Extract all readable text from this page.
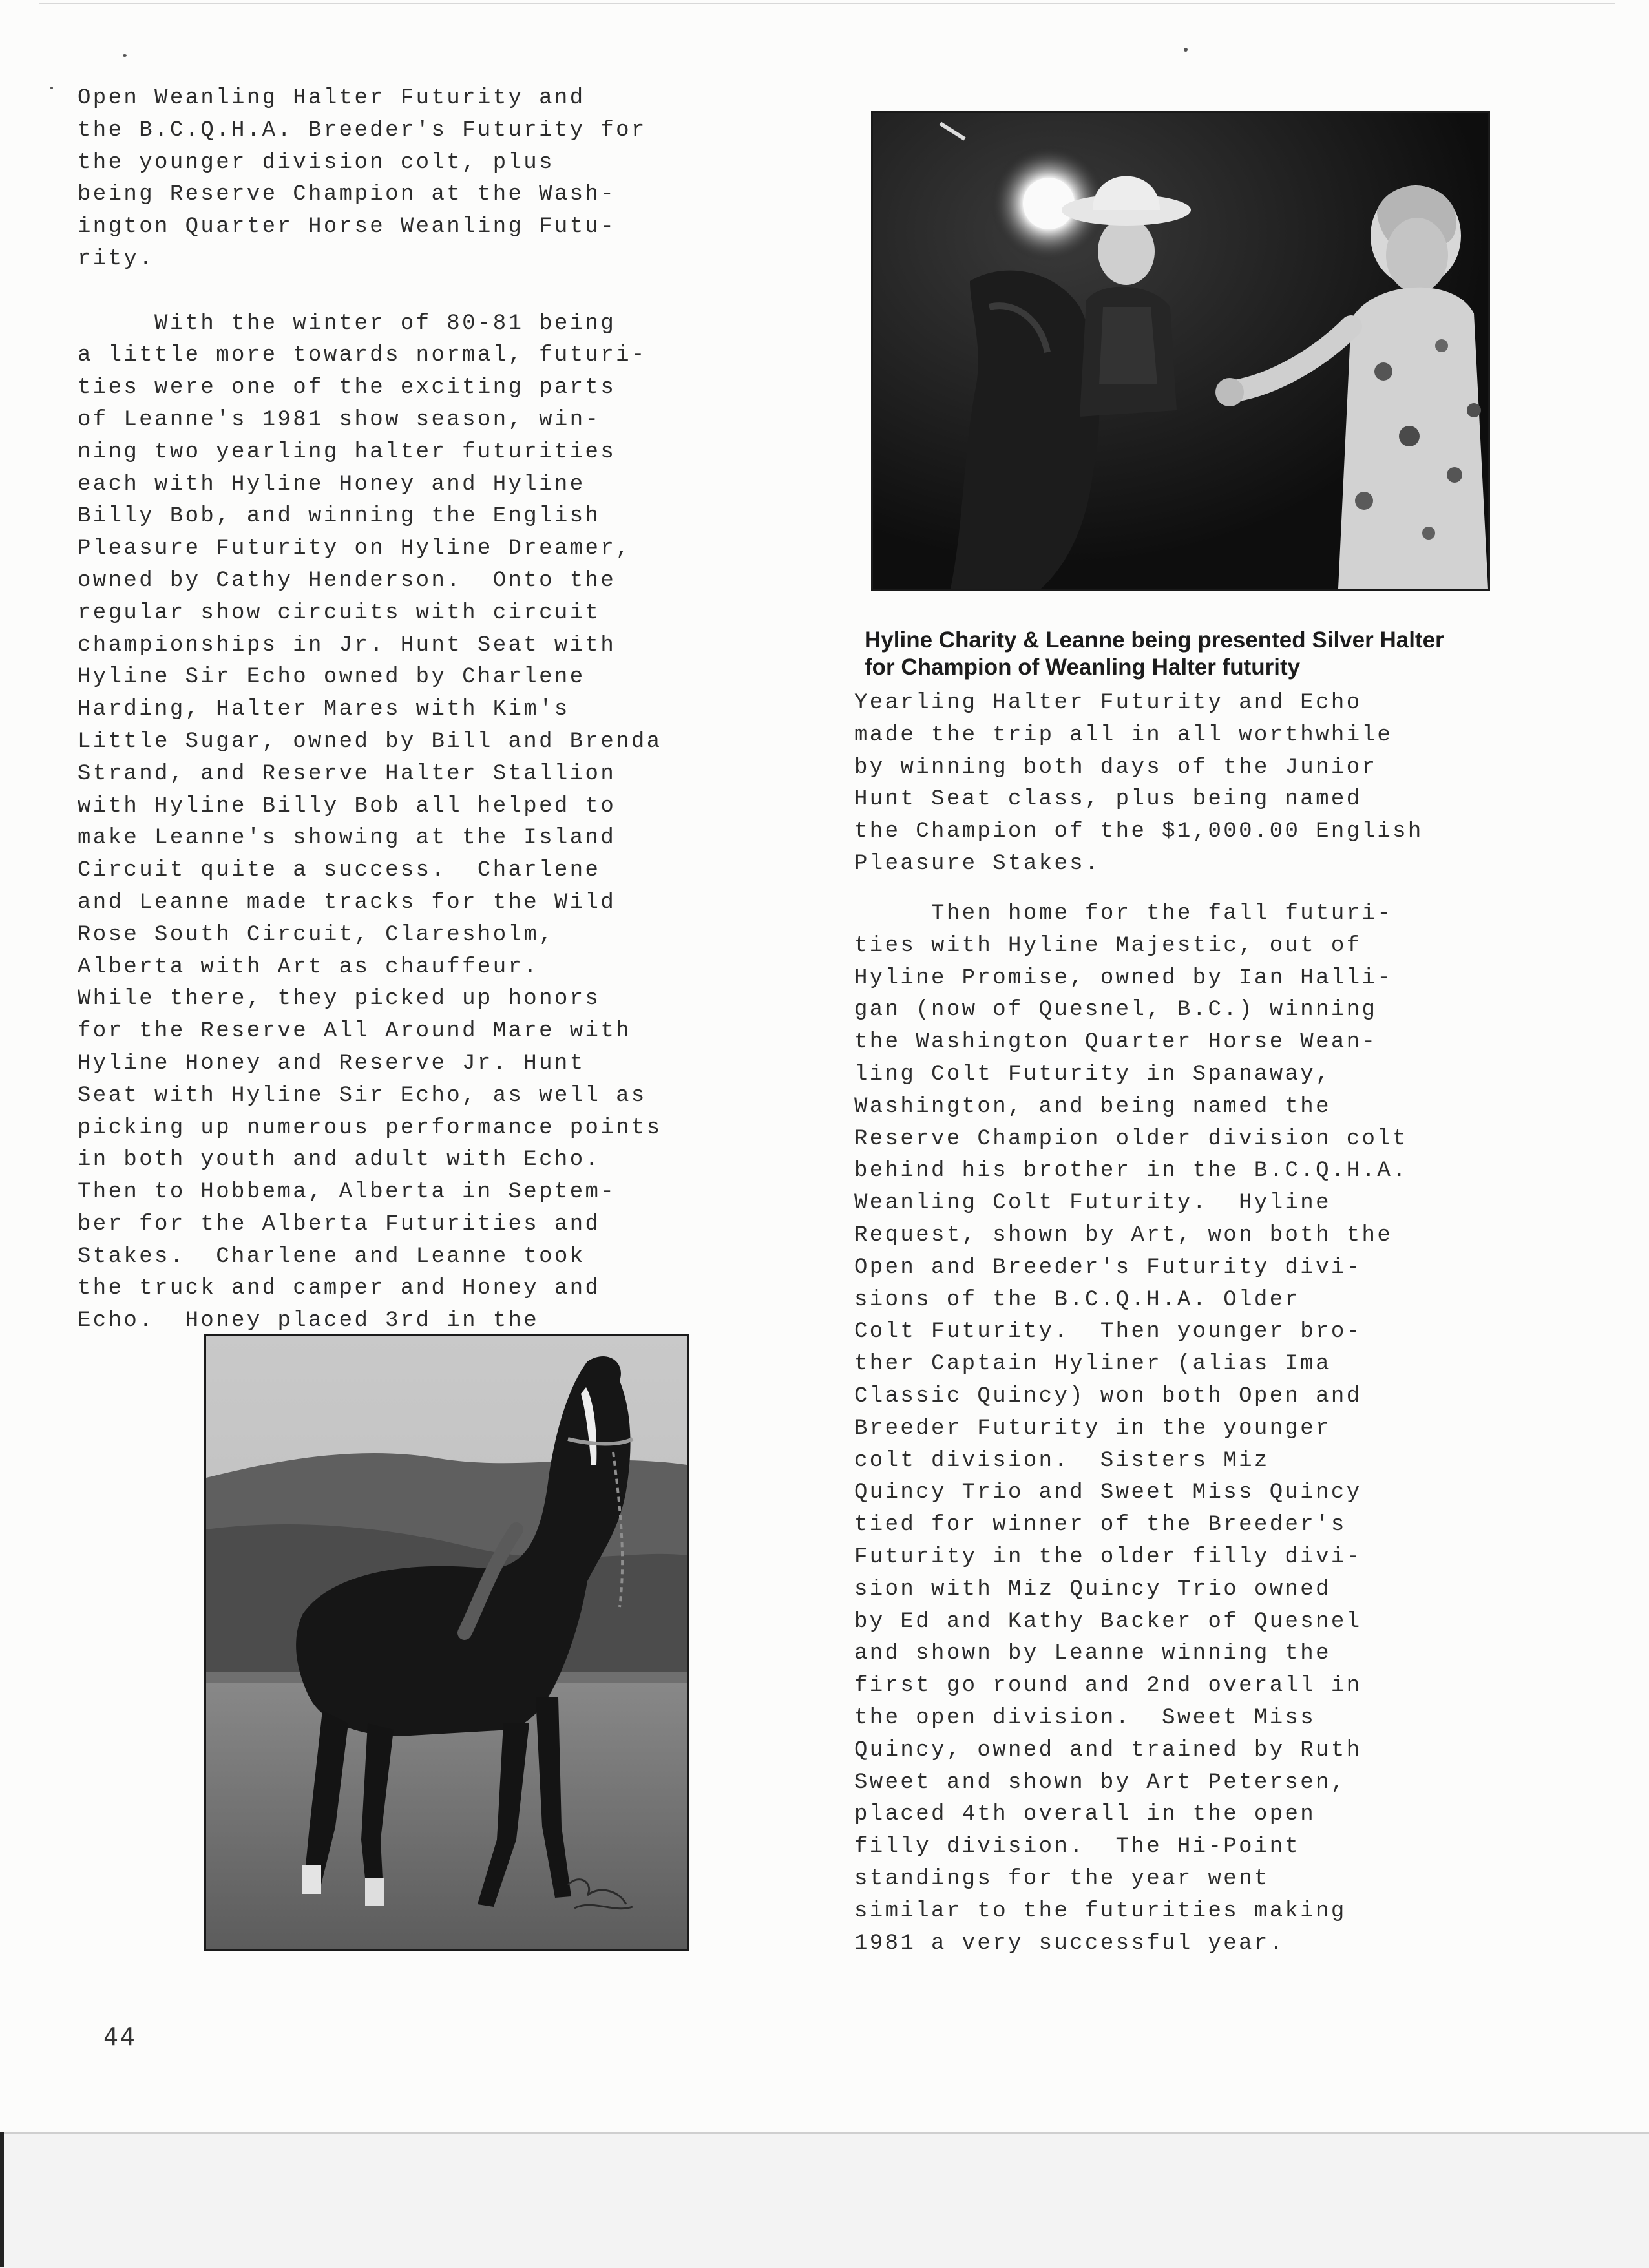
Open Weanling Halter Futurity and
the B.C.Q.H.A. Breeder's Futurity for
the younger division colt, plus
being Reserve Champion at the Wash-
ington Quarter Horse Weanling Futu-
rity.

With the winter of 80-81 being
a little more towards normal, futuri-
ties were one of the exciting parts
of Leanne's 1981 show season, win-
ning two yearling halter futurities
each with Hyline Honey and Hyline
Billy Bob, and winning the English
Pleasure Futurity on Hyline Dreamer,
owned by Cathy Henderson.  Onto the
regular show circuits with circuit
championships in Jr. Hunt Seat with
Hyline Sir Echo owned by Charlene
Harding, Halter Mares with Kim's
Little Sugar, owned by Bill and Brenda
Strand, and Reserve Halter Stallion
with Hyline Billy Bob all helped to
make Leanne's showing at the Island
Circuit quite a success.  Charlene
and Leanne made tracks for the Wild
Rose South Circuit, Claresholm,
Alberta with Art as chauffeur.
While there, they picked up honors
for the Reserve All Around Mare with
Hyline Honey and Reserve Jr. Hunt
Seat with Hyline Sir Echo, as well as
picking up numerous performance points
in both youth and adult with Echo.
Then to Hobbema, Alberta in Septem-
ber for the Alberta Futurities and
Stakes.  Charlene and Leanne took
the truck and camper and Honey and
Echo.  Honey placed 3rd in the

Hyline Charity & Leanne being presented Silver Halter
for Champion of Weanling Halter futurity

Yearling Halter Futurity and Echo
made the trip all in all worthwhile
by winning both days of the Junior
Hunt Seat class, plus being named
the Champion of the $1,000.00 English
Pleasure Stakes.
Then home for the fall futuri-
ties with Hyline Majestic, out of
Hyline Promise, owned by Ian Halli-
gan (now of Quesnel, B.C.) winning
the Washington Quarter Horse Wean-
ling Colt Futurity in Spanaway,
Washington, and being named the
Reserve Champion older division colt
behind his brother in the B.C.Q.H.A.
Weanling Colt Futurity.  Hyline
Request, shown by Art, won both the
Open and Breeder's Futurity divi-
sions of the B.C.Q.H.A. Older
Colt Futurity.  Then younger bro-
ther Captain Hyliner (alias Ima
Classic Quincy) won both Open and
Breeder Futurity in the younger
colt division.  Sisters Miz
Quincy Trio and Sweet Miss Quincy
tied for winner of the Breeder's
Futurity in the older filly divi-
sion with Miz Quincy Trio owned
by Ed and Kathy Backer of Quesnel
and shown by Leanne winning the
first go round and 2nd overall in
the open division.  Sweet Miss
Quincy, owned and trained by Ruth
Sweet and shown by Art Petersen,
placed 4th overall in the open
filly division.  The Hi-Point
standings for the year went
similar to the futurities making
1981 a very successful year.

44
